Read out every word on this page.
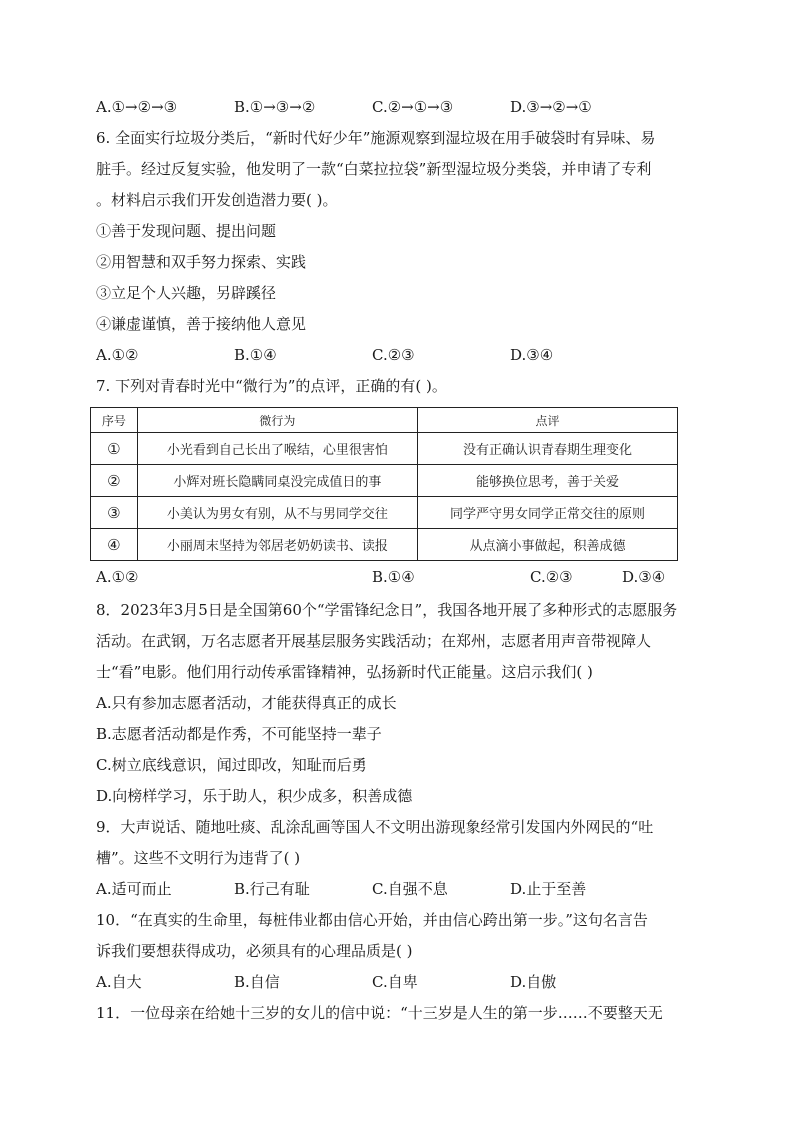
A.①→②→③	B.①→③→②	C.②→①→③	D.③→②→①
6. 全面实行垃圾分类后，“新时代好少年”施源观察到湿垃圾在用手破袋时有异味、易
脏手。经过反复实验，他发明了一款“白菜拉拉袋”新型湿垃圾分类袋，并申请了专利
。材料启示我们开发创造潜力要( )。
①善于发现问题、提出问题
②用智慧和双手努力探索、实践
③立足个人兴趣，另辟蹊径
④谦虚谨慎，善于接纳他人意见
A.①②	B.①④	C.②③	D.③④
7. 下列对青春时光中“微行为”的点评，正确的有( )。
序号	微行为	点评
①	小光看到自己长出了喉结，心里很害怕	没有正确认识青春期生理变化
②	小辉对班长隐瞒同桌没完成值日的事	能够换位思考，善于关爱
③	小美认为男女有别，从不与男同学交往	同学严守男女同学正常交往的原则
④	小丽周末坚持为邻居老奶奶读书、读报	从点滴小事做起，积善成德
A.①②	B.①④	C.②③	D.③④
8．2023年3月5日是全国第60个“学雷锋纪念日”，我国各地开展了多种形式的志愿服务
活动。在武钢，万名志愿者开展基层服务实践活动；在郑州，志愿者用声音带视障人
士“看”电影。他们用行动传承雷锋精神，弘扬新时代正能量。这启示我们( )
A.只有参加志愿者活动，才能获得真正的成长
B.志愿者活动都是作秀，不可能坚持一辈子
C.树立底线意识，闻过即改，知耻而后勇
D.向榜样学习，乐于助人，积少成多，积善成德
9．大声说话、随地吐痰、乱涂乱画等国人不文明出游现象经常引发国内外网民的“吐
槽”。这些不文明行为违背了( )
A.适可而止	B.行己有耻	C.自强不息	D.止于至善
10．“在真实的生命里，每桩伟业都由信心开始，并由信心跨出第一步。”这句名言告
诉我们要想获得成功，必须具有的心理品质是( )
A.自大	B.自信	C.自卑	D.自傲
11．一位母亲在给她十三岁的女儿的信中说：“十三岁是人生的第一步……不要整天无
